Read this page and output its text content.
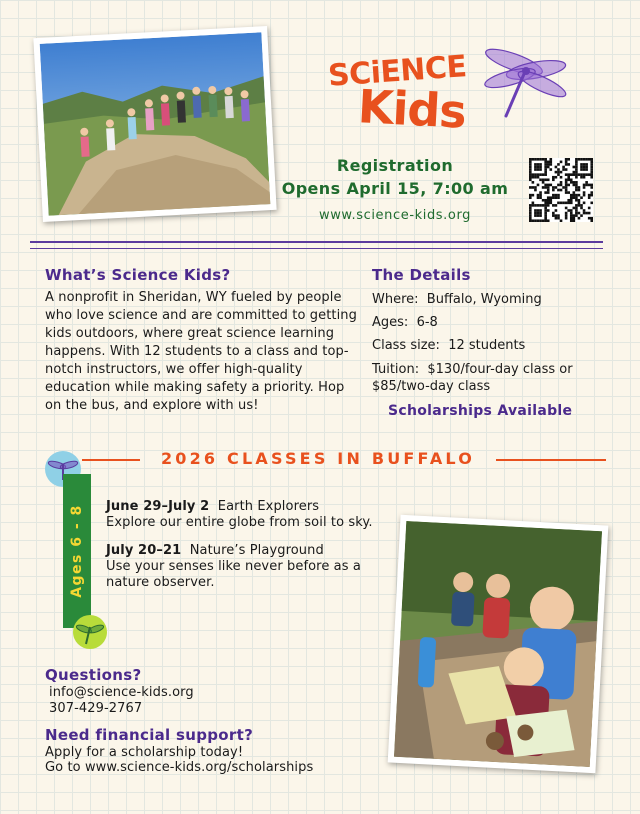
SCiENCE
Kids
Registration
Opens April 15, 7:00 am
www.science-kids.org
What’s Science Kids?
A nonprofit in Sheridan, WY fueled by people who love science and are committed to getting kids outdoors, where great science learning happens. With 12 students to a class and top-notch instructors, we offer high-quality education while making safety a priority. Hop on the bus, and explore with us!
The Details
Where: Buffalo, Wyoming
Ages: 6-8
Class size: 12 students
Tuition: $130/four-day class or $85/two-day class
Scholarships Available
2026 CLASSES IN BUFFALO
Ages 6 - 8 June 29–July 2 Earth Explorers
Explore our entire globe from soil to sky.
July 20–21 Nature’s Playground
Use your senses like never before as a nature observer.
Questions?
info@science-kids.org
307-429-2767
Need financial support?
Apply for a scholarship today!
Go to www.science-kids.org/scholarships
